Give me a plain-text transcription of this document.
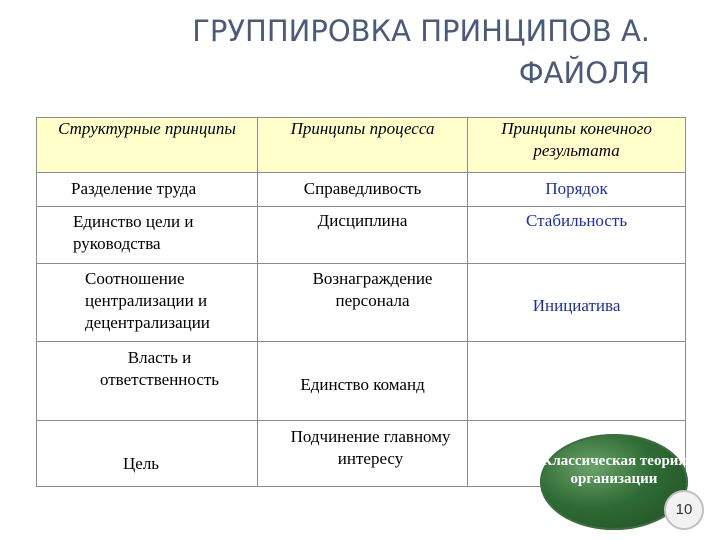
ГРУППИРОВКА ПРИНЦИПОВ А.
ФАЙОЛЯ
Структурные принципы	Принципы процесса	Принципы конечного результата

Разделение труда	Справедливость	Порядок

Единство цели и руководства	Дисциплина	Стабильность

Соотношение централизации и децентрализации	Вознаграждение персонала	Инициатива

Власть и ответственность	Единство команд	

Цель	Подчинение главному интересу	
		Классическая теория организации
10
